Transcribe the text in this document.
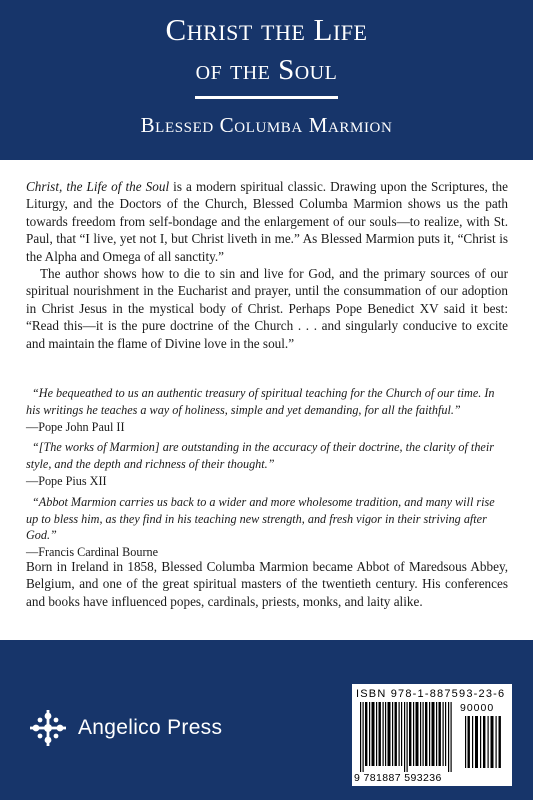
Christ the Life
of the Soul
Blessed Columba Marmion

Christ, the Life of the Soul is a modern spiritual classic. Drawing upon the Scriptures, the Liturgy, and the Doctors of the Church, Blessed Columba Marmion shows us the path towards freedom from self-bondage and the enlargement of our souls—to realize, with St. Paul, that “I live, yet not I, but Christ liveth in me.” As Blessed Marmion puts it, “Christ is the Alpha and Omega of all sanctity.”

The author shows how to die to sin and live for God, and the primary sources of our spiritual nourishment in the Eucharist and prayer, until the consummation of our adoption in Christ Jesus in the mystical body of Christ. Perhaps Pope Benedict XV said it best: “Read this—it is the pure doctrine of the Church . . . and singularly conducive to excite and maintain the flame of Divine love in the soul.”

“He bequeathed to us an authentic treasury of spiritual teaching for the Church of our time. In his writings he teaches a way of holiness, simple and yet demanding, for all the faithful.”
—Pope John Paul II
“[The works of Marmion] are outstanding in the accuracy of their doctrine, the clarity of their style, and the depth and richness of their thought.”
—Pope Pius XII
“Abbot Marmion carries us back to a wider and more wholesome tradition, and many will rise up to bless him, as they find in his teaching new strength, and fresh vigor in their striving after God.”
—Francis Cardinal Bourne
Born in Ireland in 1858, Blessed Columba Marmion became Abbot of Maredsous Abbey, Belgium, and one of the great spiritual masters of the twentieth century. His conferences and books have influenced popes, cardinals, priests, monks, and laity alike.
Angelico Press
ISBN 978-1-887593-23-6
90000
9 781887 593236
